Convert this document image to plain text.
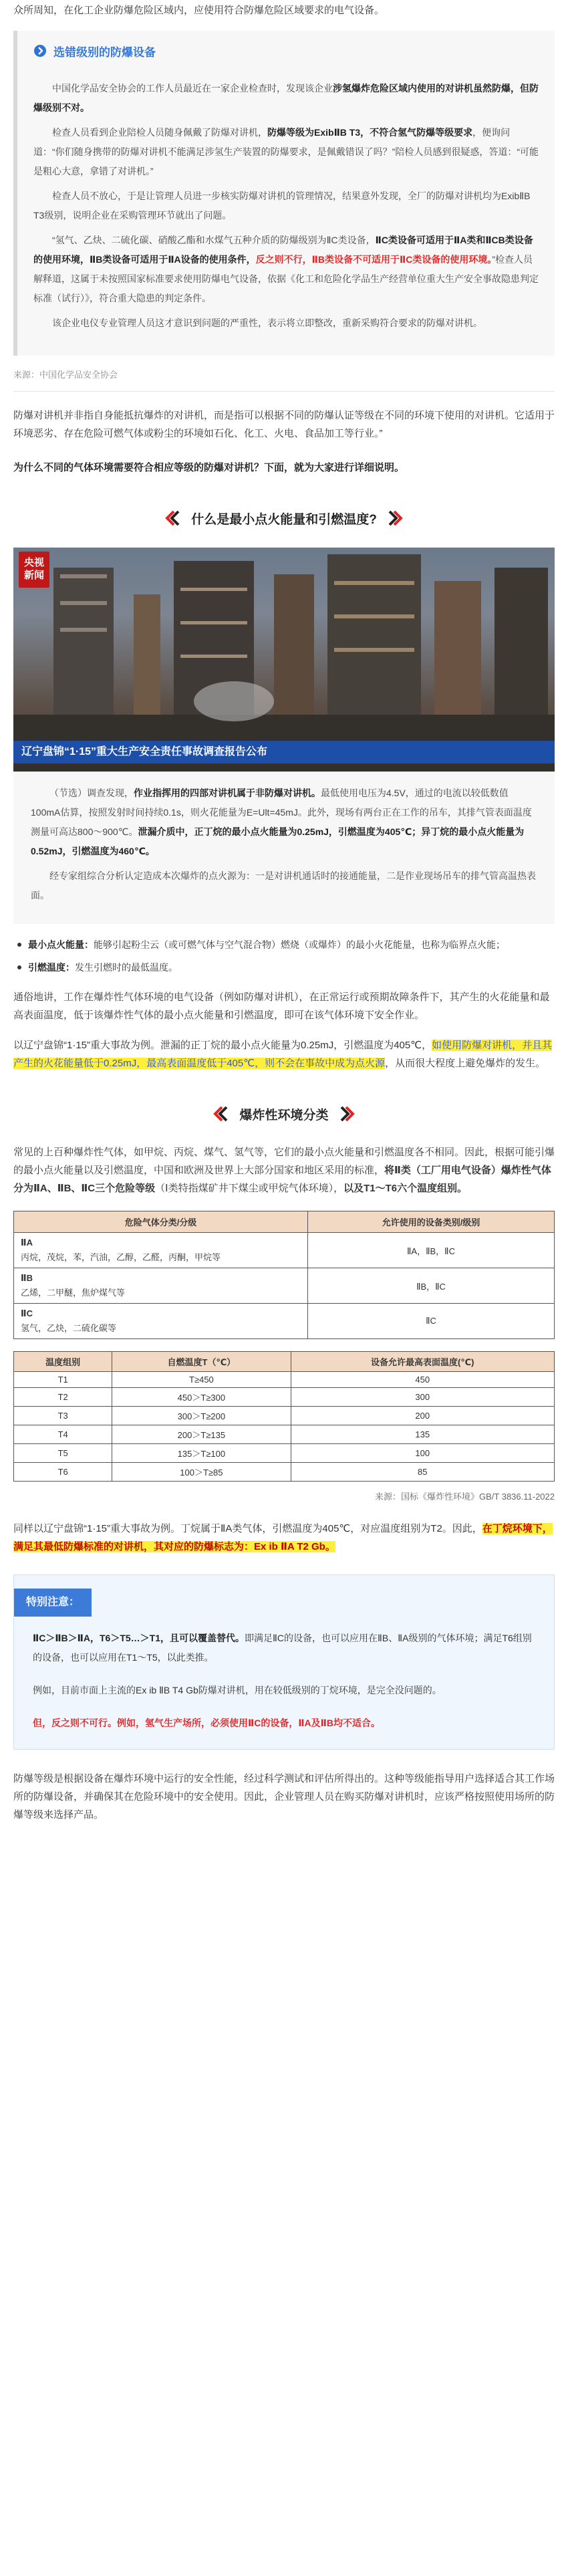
众所周知，在化工企业防爆危险区域内，应使用符合防爆危险区域要求的电气设备。

选错级别的防爆设备

中国化学品安全协会的工作人员最近在一家企业检查时，发现该企业涉氢爆炸危险区域内使用的对讲机虽然防爆，但防爆级别不对。

检查人员看到企业陪检人员随身佩戴了防爆对讲机，防爆等级为ExibⅡB T3，不符合氢气防爆等级要求，便询问道：“你们随身携带的防爆对讲机不能满足涉氢生产装置的防爆要求，是佩戴错误了吗？”陪检人员感到很疑惑，答道：“可能是粗心大意，拿错了对讲机。”

检查人员不放心，于是让管理人员进一步核实防爆对讲机的管理情况，结果意外发现，全厂的防爆对讲机均为ExibⅡB T3级别，说明企业在采购管理环节就出了问题。

“氢气、乙炔、二硫化碳、硝酸乙酯和水煤气五种介质的防爆级别为ⅡC类设备，ⅡC类设备可适用于ⅡA类和ⅡCB类设备的使用环境，ⅡB类设备可适用于ⅡA设备的使用条件，反之则不行，ⅡB类设备不可适用于ⅡC类设备的使用环境。”检查人员解释道，这属于未按照国家标准要求使用防爆电气设备，依据《化工和危险化学品生产经营单位重大生产安全事故隐患判定标准（试行）》，符合重大隐患的判定条件。

该企业电仪专业管理人员这才意识到问题的严重性，表示将立即整改，重新采购符合要求的防爆对讲机。

来源：中国化学品安全协会

防爆对讲机并非指自身能抵抗爆炸的对讲机，而是指可以根据不同的防爆认证等级在不同的环境下使用的对讲机。它适用于环境恶劣、存在危险可燃气体或粉尘的环境如石化、化工、火电、食品加工等行业。”

为什么不同的气体环境需要符合相应等级的防爆对讲机？下面，就为大家进行详细说明。

什么是最小点火能量和引燃温度?
央视
新闻
辽宁盘锦“1·15”重大生产安全责任事故调查报告公布

（节选）调查发现，作业指挥用的四部对讲机属于非防爆对讲机。最低使用电压为4.5V，通过的电流以较低数值100mA估算，按照发射时间持续0.1s，则火花能量为E=Ult=45mJ。此外，现场有两台正在工作的吊车，其排气管表面温度测量可高达800～900℃。泄漏介质中，正丁烷的最小点火能量为0.25mJ，引燃温度为405℃；异丁烷的最小点火能量为0.52mJ，引燃温度为460℃。

经专家组综合分析认定造成本次爆炸的点火源为：一是对讲机通话时的接通能量，二是作业现场吊车的排气管高温热表面。

最小点火能量：能够引起粉尘云（或可燃气体与空气混合物）燃烧（或爆炸）的最小火花能量，也称为临界点火能；
引燃温度：发生引燃时的最低温度。

通俗地讲，工作在爆炸性气体环境的电气设备（例如防爆对讲机），在正常运行或预期故障条件下，其产生的火花能量和最高表面温度，低于该爆炸性气体的最小点火能量和引燃温度，即可在该气体环境下安全作业。

以辽宁盘锦“1·15”重大事故为例。泄漏的正丁烷的最小点火能量为0.25mJ，引燃温度为405℃，如使用防爆对讲机，并且其产生的火花能量低于0.25mJ，最高表面温度低于405℃，则不会在事故中成为点火源，从而很大程度上避免爆炸的发生。

爆炸性环境分类

常见的上百种爆炸性气体，如甲烷、丙烷、煤气、氢气等，它们的最小点火能量和引燃温度各不相同。因此，根据可能引爆的最小点火能量以及引燃温度，中国和欧洲及世界上大部分国家和地区采用的标准，将Ⅱ类（工厂用电气设备）爆炸性气体分为ⅡA、ⅡB、ⅡC三个危险等级（Ⅰ类特指煤矿井下煤尘或甲烷气体环境），以及T1～T6六个温度组别。

危险气体分类/分级	允许使用的设备类别/级别

ⅡA
丙烷，茂烷，苯，汽油，乙醇，乙醛，丙酮，甲烷等	ⅡA，ⅡB，ⅡC

ⅡB
乙烯，二甲醚，焦炉煤气等	ⅡB，ⅡC

ⅡC
氢气，乙炔，二硫化碳等	ⅡC
温度组别	自燃温度T（℃）	设备允许最高表面温度(℃)
T1	T≥450	450
T2	450＞T≥300	300
T3	300＞T≥200	200
T4	200＞T≥135	135
T5	135＞T≥100	100
T6	100＞T≥85	85
来源：国标《爆炸性环境》GB/T 3836.11-2022

同样以辽宁盘锦“1·15”重大事故为例。丁烷属于ⅡA类气体，引燃温度为405℃，对应温度组别为T2。因此，在丁烷环境下，满足其最低防爆标准的对讲机，其对应的防爆标志为：Ex ib ⅡA T2 Gb。

特别注意：

ⅡC＞ⅡB＞ⅡA，T6＞T5…＞T1，且可以覆盖替代。即满足ⅡC的设备，也可以应用在ⅡB、ⅡA级别的气体环境；满足T6组别的设备，也可以应用在T1～T5，以此类推。

例如，目前市面上主流的Ex ib ⅡB T4 Gb防爆对讲机，用在较低级别的丁烷环境，是完全没问题的。

但，反之则不可行。例如，氢气生产场所，必须使用ⅡC的设备，ⅡA及ⅡB均不适合。

防爆等级是根据设备在爆炸环境中运行的安全性能，经过科学测试和评估所得出的。这种等级能指导用户选择适合其工作场所的防爆设备，并确保其在危险环境中的安全使用。因此，企业管理人员在购买防爆对讲机时，应该严格按照使用场所的防爆等级来选择产品。
